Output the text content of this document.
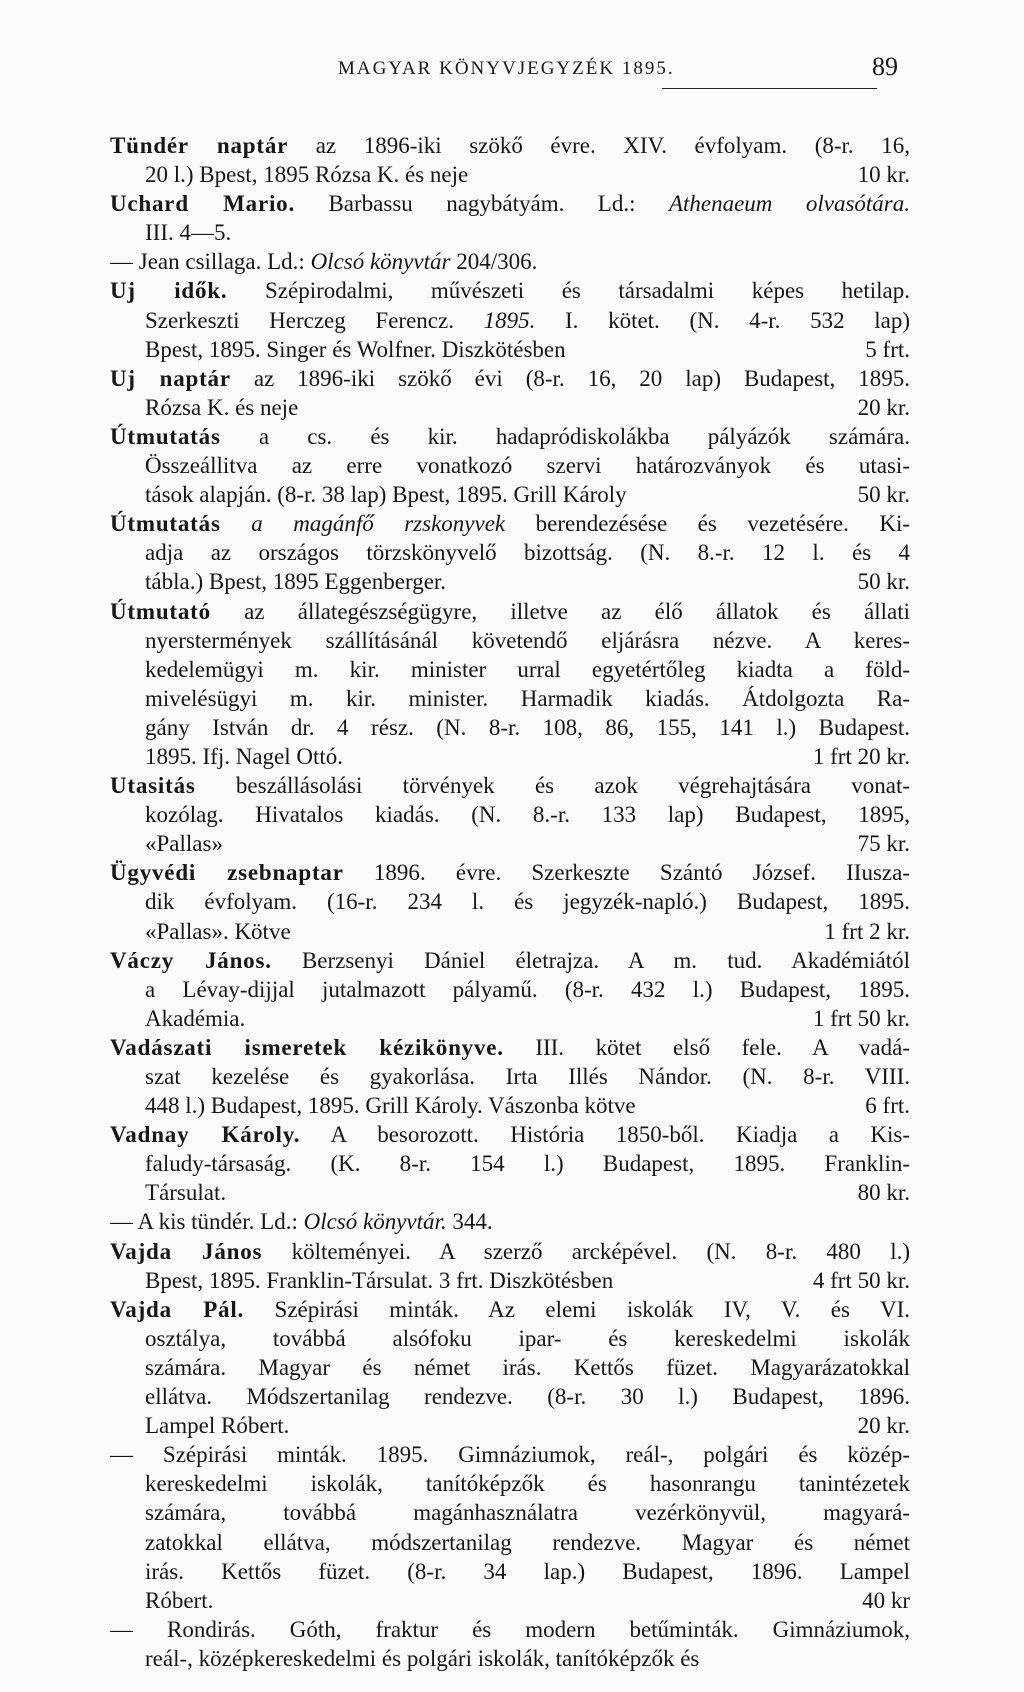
MAGYAR KÖNYVJEGYZÉK 1895.	89
Tündér naptár az 1896-iki szökő évre. XIV. évfolyam. (8-r. 16,
20 l.) Bpest, 1895 Rózsa K. és neje	10 kr.
Uchard Mario. Barbassu nagybátyám. Ld.: Athenaeum olvasótára.
III. 4—5.
— Jean csillaga. Ld.: Olcsó könyvtár 204/306.
Uj idők. Szépirodalmi, művészeti és társadalmi képes hetilap.
Szerkeszti Herczeg Ferencz. 1895. I. kötet. (N. 4-r. 532 lap)
Bpest, 1895. Singer és Wolfner. Diszkötésben	5 frt.
Uj naptár az 1896-iki szökő évi (8-r. 16, 20 lap) Budapest, 1895.
Rózsa K. és neje	20 kr.
Útmutatás a cs. és kir. hadapródiskolákba pályázók számára.
Összeállitva az erre vonatkozó szervi határozványok és utasi-
tások alapján. (8-r. 38 lap) Bpest, 1895. Grill Károly	50 kr.
Útmutatás a magánfő rzskonyvek berendezésése és vezetésére. Ki-
adja az országos törzskönyvelő bizottság. (N. 8.-r. 12 l. és 4
tábla.) Bpest, 1895 Eggenberger.	50 kr.
Útmutató az állategészségügyre, illetve az élő állatok és állati
nyerstermények szállításánál követendő eljárásra nézve. A keres-
kedelemügyi m. kir. minister urral egyetértőleg kiadta a föld-
mivelésügyi m. kir. minister. Harmadik kiadás. Átdolgozta Ra-
gány István dr. 4 rész. (N. 8-r. 108, 86, 155, 141 l.) Budapest.
1895. Ifj. Nagel Ottó.	1 frt 20 kr.
Utasitás beszállásolási törvények és azok végrehajtására vonat-
kozólag. Hivatalos kiadás. (N. 8.-r. 133 lap) Budapest, 1895,
«Pallas»	75 kr.
Ügyvédi zsebnaptar 1896. évre. Szerkeszte Szántó József. IIusza-
dik évfolyam. (16-r. 234 l. és jegyzék-napló.) Budapest, 1895.
«Pallas». Kötve	1 frt 2 kr.
Váczy János. Berzsenyi Dániel életrajza. A m. tud. Akadémiától
a Lévay-dijjal jutalmazott pályamű. (8-r. 432 l.) Budapest, 1895.
Akadémia.	1 frt 50 kr.
Vadászati ismeretek kézikönyve. III. kötet első fele. A vadá-
szat kezelése és gyakorlása. Irta Illés Nándor. (N. 8-r. VIII.
448 l.) Budapest, 1895. Grill Károly. Vászonba kötve	6 frt.
Vadnay Károly. A besorozott. História 1850-ből. Kiadja a Kis-
faludy-társaság. (K. 8-r. 154 l.) Budapest, 1895. Franklin-
Társulat.	80 kr.
— A kis tündér. Ld.: Olcsó könyvtár. 344.
Vajda János költeményei. A szerző arcképével. (N. 8-r. 480 l.)
Bpest, 1895. Franklin-Társulat. 3 frt. Diszkötésben	4 frt 50 kr.
Vajda Pál. Szépirási minták. Az elemi iskolák IV, V. és VI.
osztálya, továbbá alsófoku ipar- és kereskedelmi iskolák
számára. Magyar és német irás. Kettős füzet. Magyarázatokkal
ellátva. Módszertanilag rendezve. (8-r. 30 l.) Budapest, 1896.
Lampel Róbert.	20 kr.
— Szépirási minták. 1895. Gimnáziumok, reál-, polgári és közép-
kereskedelmi iskolák, tanítóképzők és hasonrangu tanintézetek
számára, továbbá magánhasználatra vezérkönyvül, magyará-
zatokkal ellátva, módszertanilag rendezve. Magyar és német
irás. Kettős füzet. (8-r. 34 lap.) Budapest, 1896. Lampel
Róbert.	40 kr
— Rondirás. Góth, fraktur és modern betűminták. Gimnáziumok,
reál-, középkereskedelmi és polgári iskolák, tanítóképzők és
